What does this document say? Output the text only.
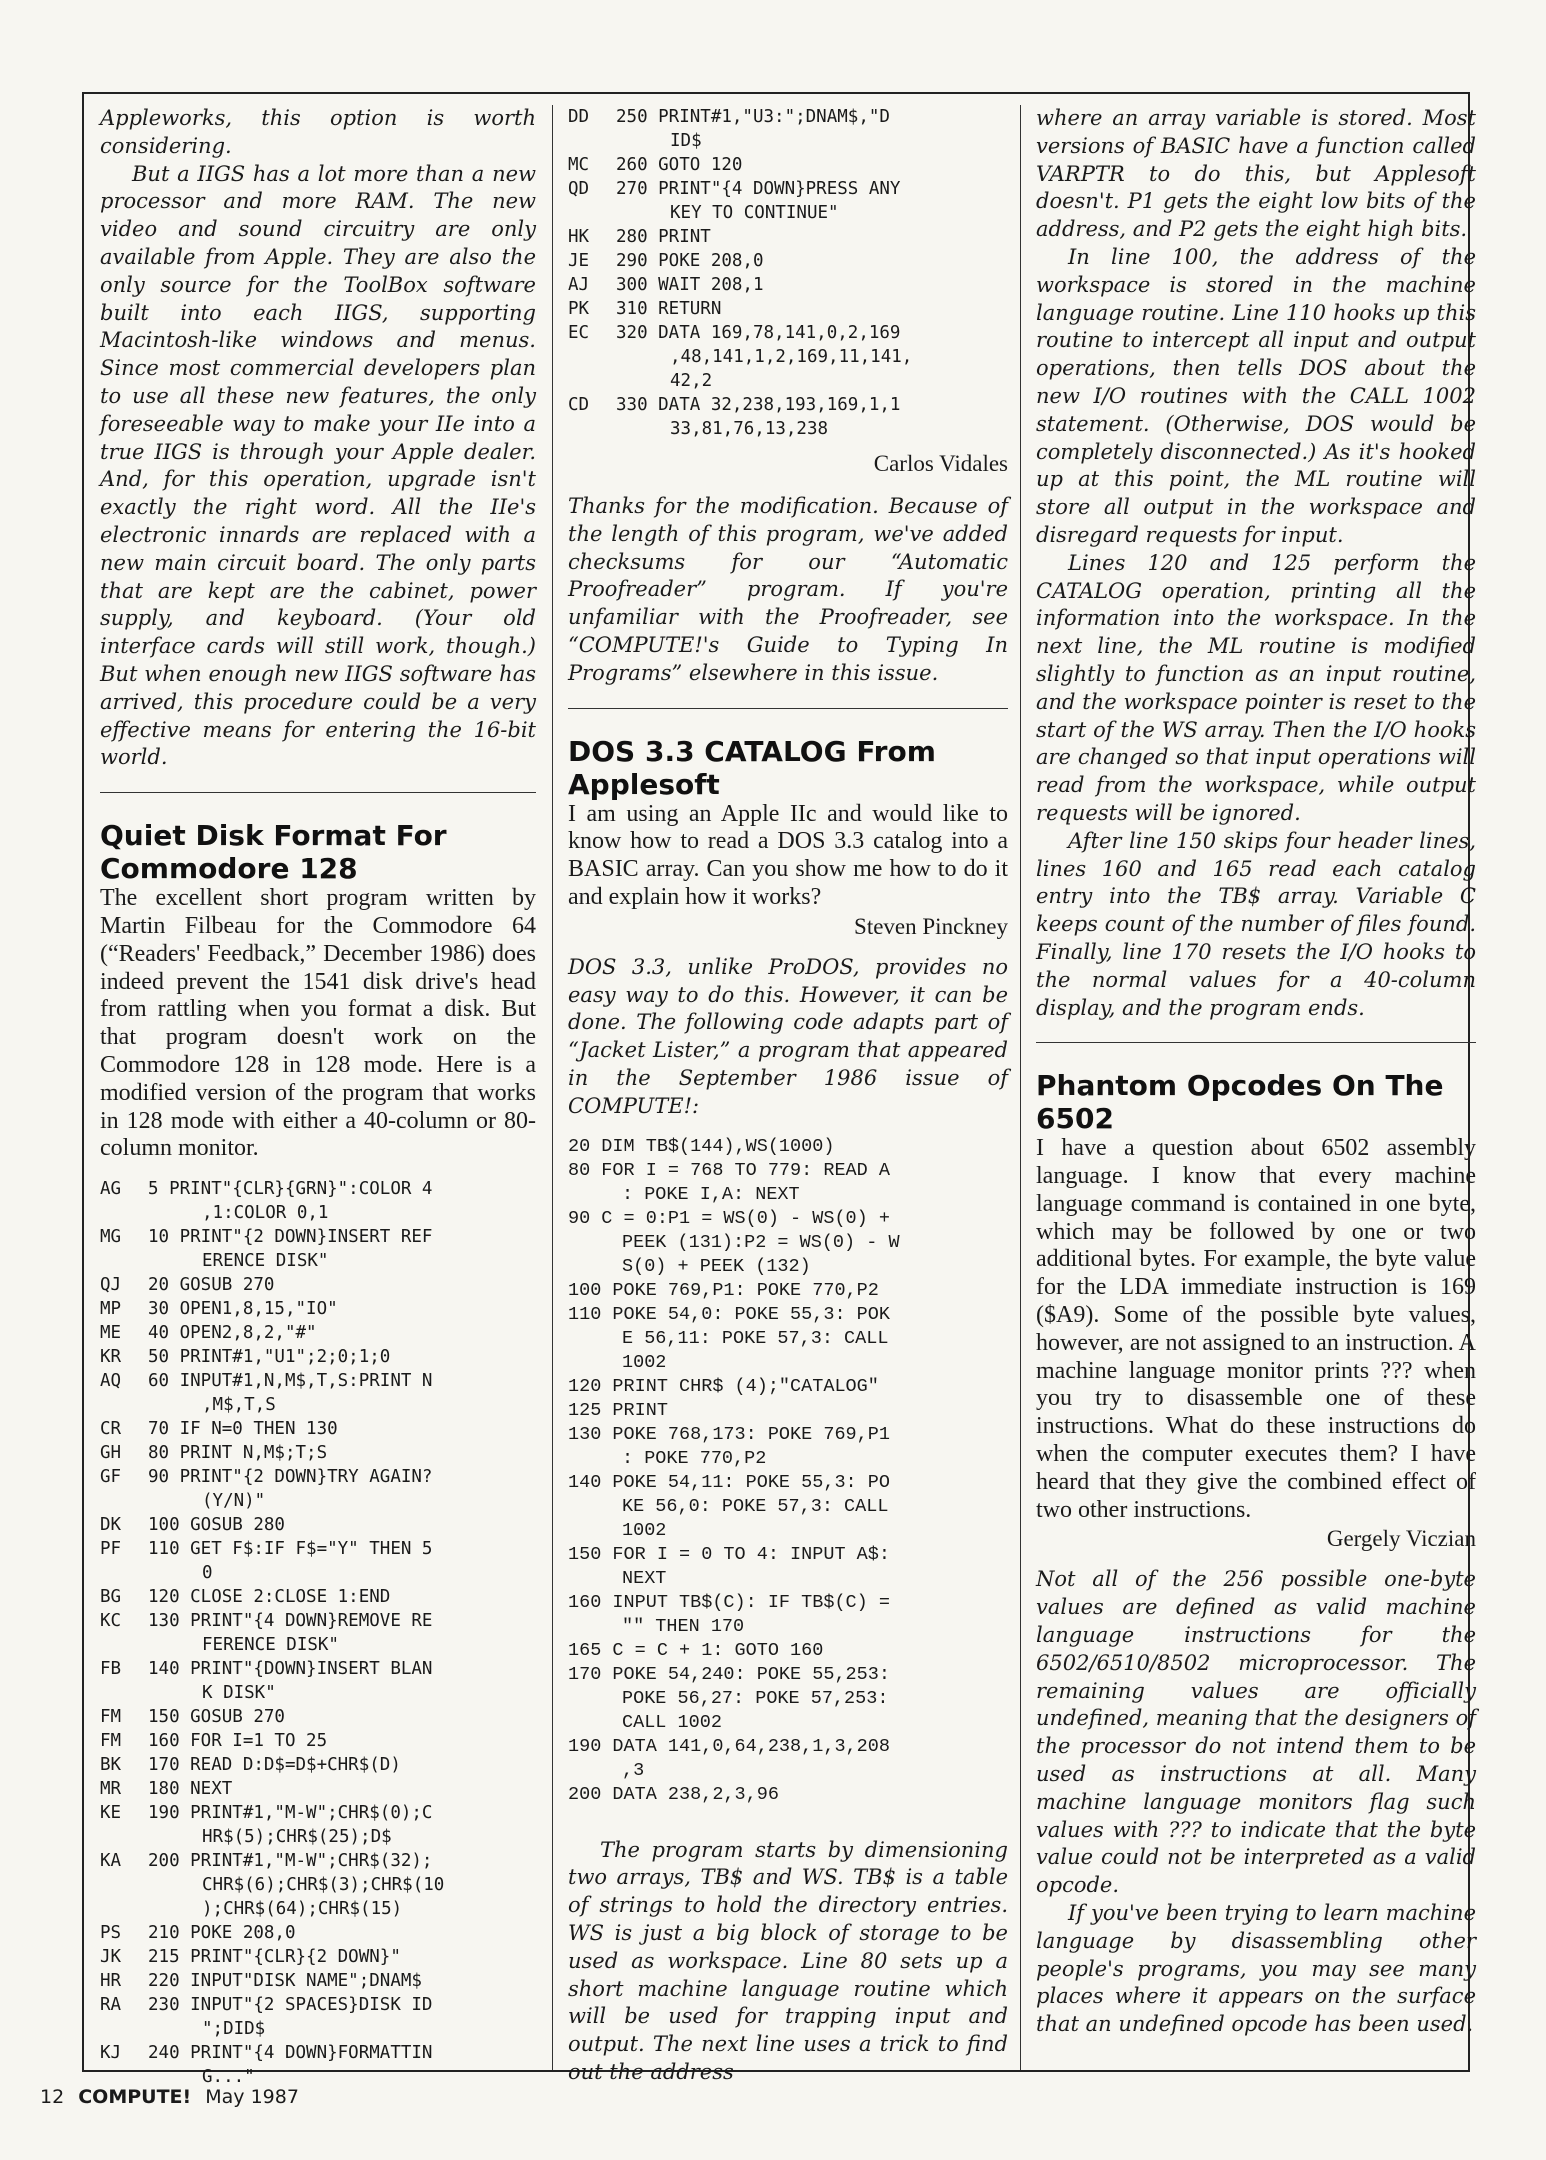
Appleworks, this option is worth considering.

But a IIGS has a lot more than a new processor and more RAM. The new video and sound circuitry are only available from Apple. They are also the only source for the ToolBox software built into each IIGS, supporting Macintosh-like windows and menus. Since most commercial developers plan to use all these new features, the only foreseeable way to make your IIe into a true IIGS is through your Apple dealer. And, for this operation, upgrade isn't exactly the right word. All the IIe's electronic innards are replaced with a new main circuit board. The only parts that are kept are the cabinet, power supply, and keyboard. (Your old interface cards will still work, though.) But when enough new IIGS software has arrived, this procedure could be a very effective means for entering the 16-bit world.

Quiet Disk Format For Commodore 128

The excellent short program written by Martin Filbeau for the Commodore 64 (“Readers' Feedback,” December 1986) does indeed prevent the 1541 disk drive's head from rattling when you format a disk. But that program doesn't work on the Commodore 128 in 128 mode. Here is a modified version of the program that works in 128 mode with either a 40-column or 80-column monitor.

AG	5 PRINT"{CLR}{GRN}":COLOR 4
,1:COLOR 0,1
MG	10 PRINT"{2 DOWN}INSERT REF
ERENCE DISK"
QJ	20 GOSUB 270
MP	30 OPEN1,8,15,"IO"
ME	40 OPEN2,8,2,"#"
KR	50 PRINT#1,"U1";2;0;1;0
AQ	60 INPUT#1,N,M$,T,S:PRINT N
,M$,T,S
CR	70 IF N=0 THEN 130
GH	80 PRINT N,M$;T;S
GF	90 PRINT"{2 DOWN}TRY AGAIN?
(Y/N)"
DK	100 GOSUB 280
PF	110 GET F$:IF F$="Y" THEN 5
0
BG	120 CLOSE 2:CLOSE 1:END
KC	130 PRINT"{4 DOWN}REMOVE RE
FERENCE DISK"
FB	140 PRINT"{DOWN}INSERT BLAN
K DISK"
FM	150 GOSUB 270
FM	160 FOR I=1 TO 25
BK	170 READ D:D$=D$+CHR$(D)
MR	180 NEXT
KE	190 PRINT#1,"M-W";CHR$(0);C
HR$(5);CHR$(25);D$
KA	200 PRINT#1,"M-W";CHR$(32);
CHR$(6);CHR$(3);CHR$(10
);CHR$(64);CHR$(15)
PS	210 POKE 208,0
JK	215 PRINT"{CLR}{2 DOWN}"
HR	220 INPUT"DISK NAME";DNAM$
RA	230 INPUT"{2 SPACES}DISK ID
";DID$
KJ	240 PRINT"{4 DOWN}FORMATTIN
G..."
DD	250 PRINT#1,"U3:";DNAM$,"D
ID$
MC	260 GOTO 120
QD	270 PRINT"{4 DOWN}PRESS ANY
KEY TO CONTINUE"
HK	280 PRINT
JE	290 POKE 208,0
AJ	300 WAIT 208,1
PK	310 RETURN
EC	320 DATA 169,78,141,0,2,169
,48,141,1,2,169,11,141,
42,2
CD	330 DATA 32,238,193,169,1,1
33,81,76,13,238

Carlos Vidales

Thanks for the modification. Because of the length of this program, we've added checksums for our “Automatic Proofreader” program. If you're unfamiliar with the Proofreader, see “COMPUTE!'s Guide to Typing In Programs” elsewhere in this issue.

DOS 3.3 CATALOG From Applesoft

I am using an Apple IIc and would like to know how to read a DOS 3.3 catalog into a BASIC array. Can you show me how to do it and explain how it works?

Steven Pinckney

DOS 3.3, unlike ProDOS, provides no easy way to do this. However, it can be done. The following code adapts part of “Jacket Lister,” a program that appeared in the September 1986 issue of COMPUTE!:

20 DIM TB$(144),WS(1000)
80 FOR I = 768 TO 779: READ A
: POKE I,A: NEXT
90 C = 0:P1 = WS(0) - WS(0) +
PEEK (131):P2 = WS(0) - W
S(0) + PEEK (132)
100 POKE 769,P1: POKE 770,P2
110 POKE 54,0: POKE 55,3: POK
E 56,11: POKE 57,3: CALL
1002
120 PRINT CHR$ (4);"CATALOG"
125 PRINT
130 POKE 768,173: POKE 769,P1
: POKE 770,P2
140 POKE 54,11: POKE 55,3: PO
KE 56,0: POKE 57,3: CALL
1002
150 FOR I = 0 TO 4: INPUT A$:
NEXT
160 INPUT TB$(C): IF TB$(C) =
"" THEN 170
165 C = C + 1: GOTO 160
170 POKE 54,240: POKE 55,253:
POKE 56,27: POKE 57,253:
CALL 1002
190 DATA 141,0,64,238,1,3,208
,3
200 DATA 238,2,3,96

The program starts by dimensioning two arrays, TB$ and WS. TB$ is a table of strings to hold the directory entries. WS is just a big block of storage to be used as workspace. Line 80 sets up a short machine language routine which will be used for trapping input and output. The next line uses a trick to find out the address

where an array variable is stored. Most versions of BASIC have a function called VARPTR to do this, but Applesoft doesn't. P1 gets the eight low bits of the address, and P2 gets the eight high bits.

In line 100, the address of the workspace is stored in the machine language routine. Line 110 hooks up this routine to intercept all input and output operations, then tells DOS about the new I/O routines with the CALL 1002 statement. (Otherwise, DOS would be completely disconnected.) As it's hooked up at this point, the ML routine will store all output in the workspace and disregard requests for input.

Lines 120 and 125 perform the CATALOG operation, printing all the information into the workspace. In the next line, the ML routine is modified slightly to function as an input routine, and the workspace pointer is reset to the start of the WS array. Then the I/O hooks are changed so that input operations will read from the workspace, while output requests will be ignored.

After line 150 skips four header lines, lines 160 and 165 read each catalog entry into the TB$ array. Variable C keeps count of the number of files found. Finally, line 170 resets the I/O hooks to the normal values for a 40-column display, and the program ends.

Phantom Opcodes On The 6502

I have a question about 6502 assembly language. I know that every machine language command is contained in one byte, which may be followed by one or two additional bytes. For example, the byte value for the LDA immediate instruction is 169 ($A9). Some of the possible byte values, however, are not assigned to an instruction. A machine language monitor prints ??? when you try to disassemble one of these instructions. What do these instructions do when the computer executes them? I have heard that they give the combined effect of two other instructions.

Gergely Viczian

Not all of the 256 possible one-byte values are defined as valid machine language instructions for the 6502/6510/8502 microprocessor. The remaining values are officially undefined, meaning that the designers of the processor do not intend them to be used as instructions at all. Many machine language monitors flag such values with ??? to indicate that the byte value could not be interpreted as a valid opcode.

If you've been trying to learn machine language by disassembling other people's programs, you may see many places where it appears on the surface that an undefined opcode has been used.

12 COMPUTE! May 1987
